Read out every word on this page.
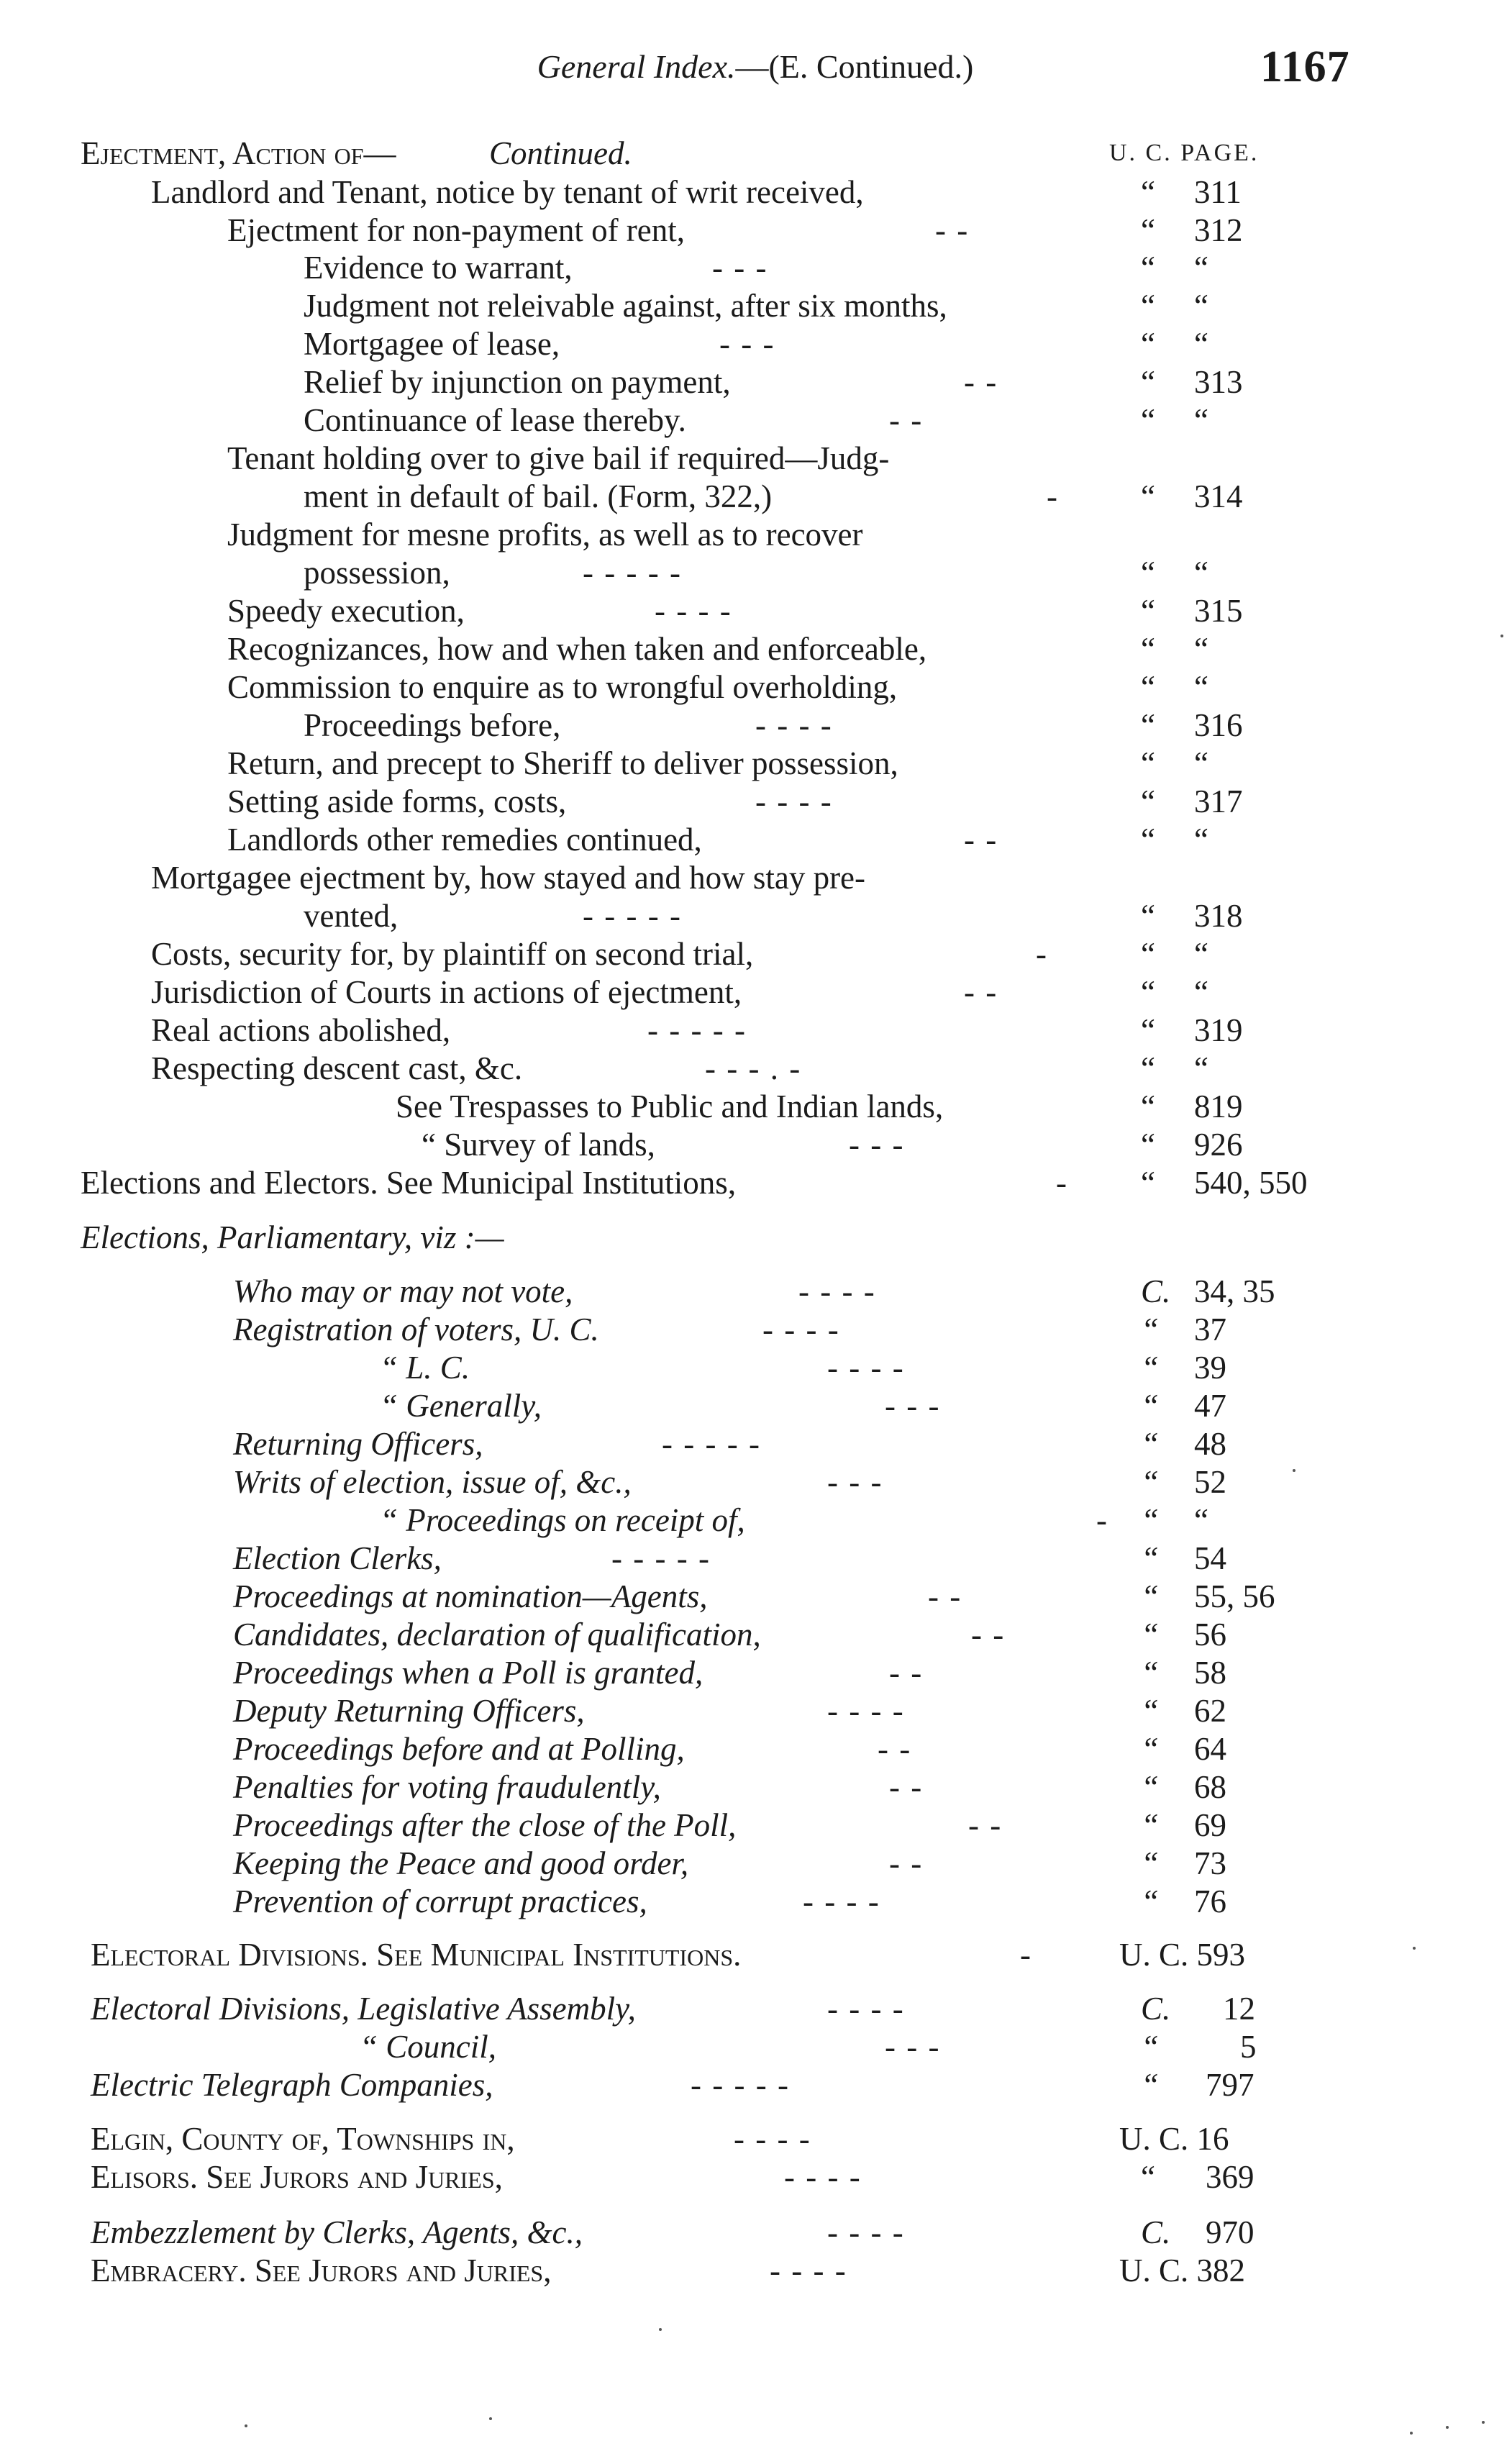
General Index.—(E. Continued.)	1167
U. C. PAGE.
Ejectment, Action of—	Continued.
Landlord and Tenant, notice by tenant of writ received,	“ 311
Ejectment for non-payment of rent,	- -	“ 312
Evidence to warrant,	- - -	“ “
Judgment not releivable against, after six months,	“ “
Mortgagee of lease,	- - -	“ “
Relief by injunction on payment,	- -	“ 313
Continuance of lease thereby.	- -	“ “
Tenant holding over to give bail if required—Judg-
ment in default of bail. (Form, 322,)	-	“ 314
Judgment for mesne profits, as well as to recover
possession,	- - - - -	“ “
Speedy execution,	- - - -	“ 315
Recognizances, how and when taken and enforceable,	“ “
Commission to enquire as to wrongful overholding,	“ “
Proceedings before,	- - - -	“ 316
Return, and precept to Sheriff to deliver possession,	“ “
Setting aside forms, costs,	- - - -	“ 317
Landlords other remedies continued,	- -	“ “
Mortgagee ejectment by, how stayed and how stay pre-
vented,	- - - - -	“ 318
Costs, security for, by plaintiff on second trial,	-	“ “
Jurisdiction of Courts in actions of ejectment,	- -	“ “
Real actions abolished,	- - - - -	“ 319
Respecting descent cast, &c.	- - - . -	“ “
See Trespasses to Public and Indian lands,	“ 819
“ Survey of lands,	- - -	“ 926
Elections and Electors. See Municipal Institutions,	- “ 540, 550
Elections, Parliamentary, viz :—
Who may or may not vote,	- - - -	C. 34, 35
Registration of voters, U. C.	- - - -	“ 37
“ L. C.	- - - -	“ 39
“ Generally,	- - -	“ 47
Returning Officers,	- - - - -	“ 48
Writs of election, issue of, &c.,	- - -	“ 52
“ Proceedings on receipt of,	- “ “
Election Clerks,	- - - - -	“ 54
Proceedings at nomination—Agents,	- -	“ 55, 56
Candidates, declaration of qualification,	- -	“ 56
Proceedings when a Poll is granted,	- -	“ 58
Deputy Returning Officers,	- - - -	“ 62
Proceedings before and at Polling,	- -	“ 64
Penalties for voting fraudulently,	- -	“ 68
Proceedings after the close of the Poll,	- -	“ 69
Keeping the Peace and good order,	- -	“ 73
Prevention of corrupt practices,	- - - -	“ 76
Electoral Divisions. See Municipal Institutions.	-	U. C. 593
Electoral Divisions, Legislative Assembly,	- - - -	C. 12
“ Council,	- - -	“	5
Electric Telegraph Companies,	- - - - -	“ 797
Elgin, County of, Townships in,	- - - -	U. C. 16
Elisors. See Jurors and Juries,	- - - -	“ 369
Embezzlement by Clerks, Agents, &c.,	- - - -	C. 970
Embracery. See Jurors and Juries,	- - - -	U. C. 382
